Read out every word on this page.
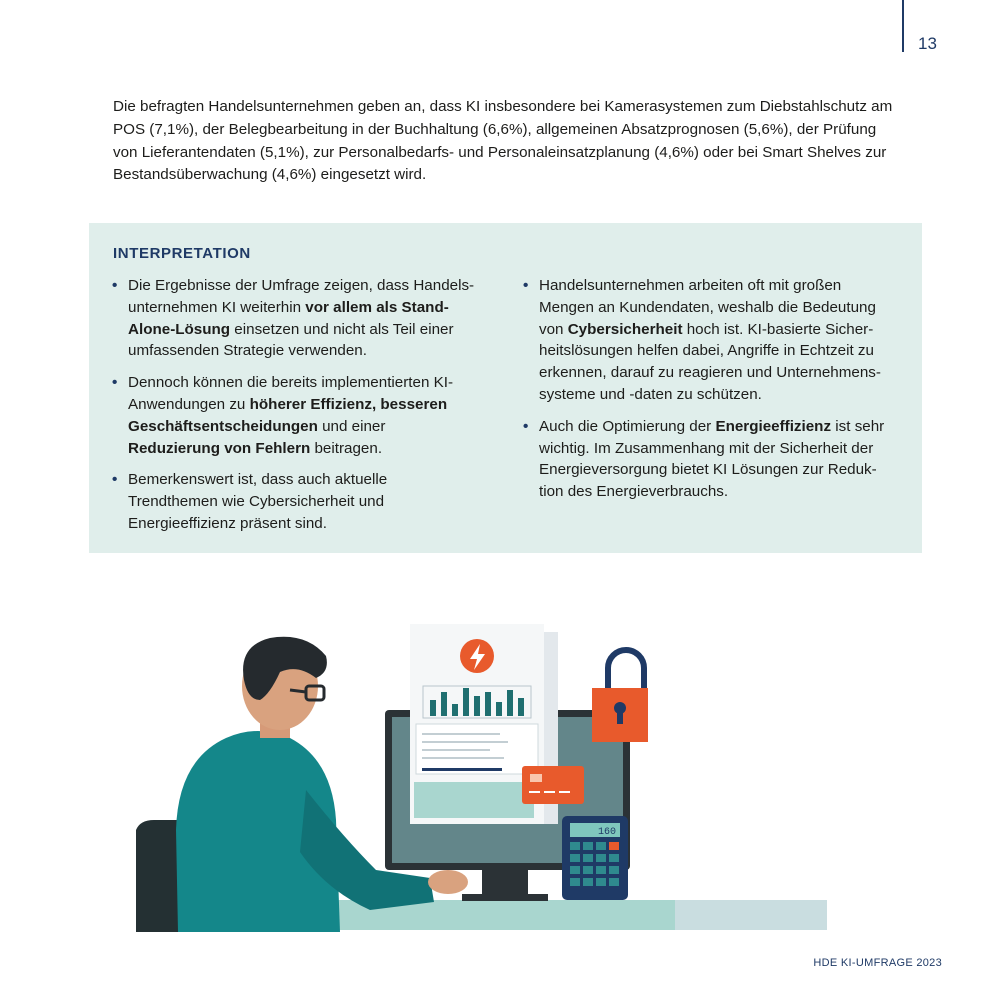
13

Die befragten Handelsunternehmen geben an, dass KI insbesondere bei Kamerasystemen zum Diebstahlschutz am POS (7,1%), der Belegbearbeitung in der Buchhaltung (6,6%), allgemeinen Absatzprognosen (5,6%), der Prüfung von Lieferantendaten (5,1%), zur Personalbedarfs- und Personaleinsatzplanung (4,6%) oder bei Smart Shelves zur Bestandsüberwachung (4,6%) eingesetzt wird.

INTERPRETATION
• Die Ergebnisse der Umfrage zeigen, dass Handels-unternehmen KI weiterhin vor allem als Stand-Alone-Lösung einsetzen und nicht als Teil einer umfassenden Strategie verwenden.
• Dennoch können die bereits implementierten KI-Anwendungen zu höherer Effizienz, besseren Geschäftsentscheidungen und einer Reduzierung von Fehlern beitragen.
• Bemerkenswert ist, dass auch aktuelle Trendthemen wie Cybersicherheit und Energieeffizienz präsent sind.
• Handelsunternehmen arbeiten oft mit großen Mengen an Kundendaten, weshalb die Bedeutung von Cybersicherheit hoch ist. KI-basierte Sicher-heitslösungen helfen dabei, Angriffe in Echtzeit zu erkennen, darauf zu reagieren und Unternehmens-systeme und -daten zu schützen.
• Auch die Optimierung der Energieeffizienz ist sehr wichtig. Im Zusammenhang mit der Sicherheit der Energieversorgung bietet KI Lösungen zur Reduk-tion des Energieverbrauchs.
160
HDE KI-UMFRAGE 2023
